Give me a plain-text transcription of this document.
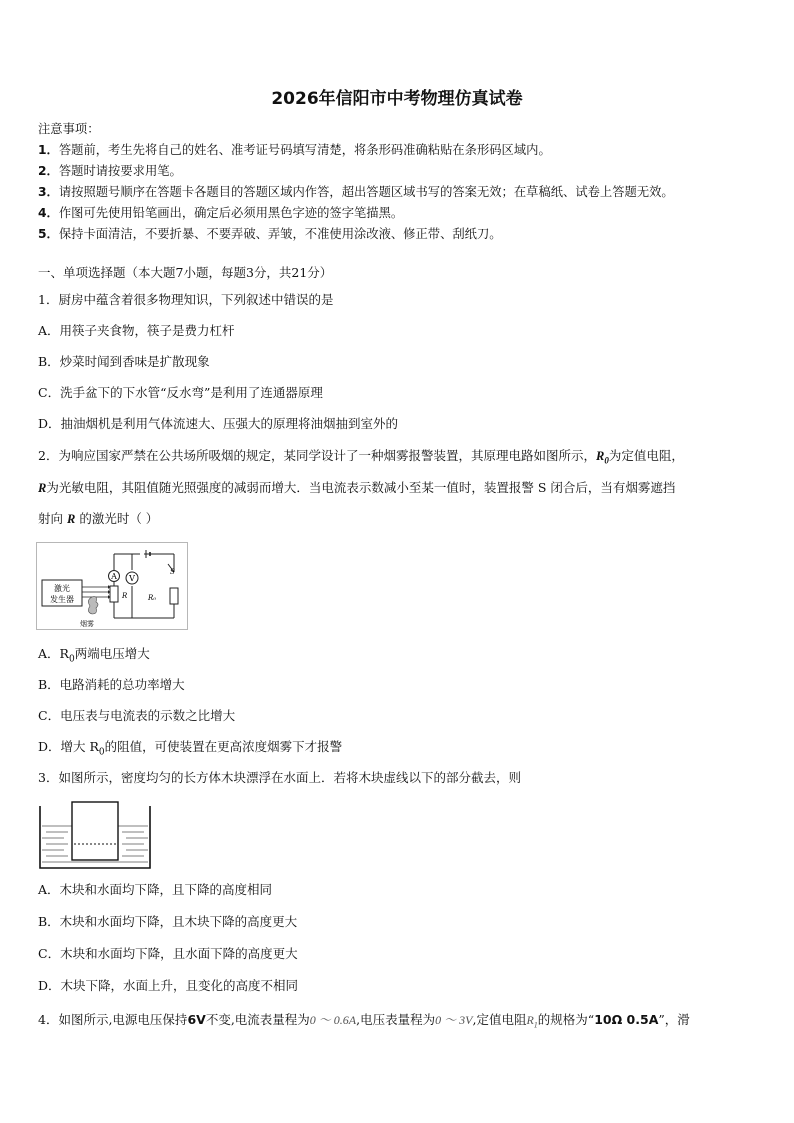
2026年信阳市中考物理仿真试卷
注意事项：
1．答题前，考生先将自己的姓名、准考证号码填写清楚，将条形码准确粘贴在条形码区域内。
2．答题时请按要求用笔。
3．请按照题号顺序在答题卡各题目的答题区域内作答，超出答题区域书写的答案无效；在草稿纸、试卷上答题无效。
4．作图可先使用铅笔画出，确定后必须用黑色字迹的签字笔描黑。
5．保持卡面清洁，不要折暴、不要弄破、弄皱，不准使用涂改液、修正带、刮纸刀。
一、单项选择题（本大题7小题，每题3分，共21分）
1．厨房中蕴含着很多物理知识，下列叙述中错误的是
A．用筷子夹食物，筷子是费力杠杆
B．炒菜时闻到香味是扩散现象
C．洗手盆下的下水管“反水弯”是利用了连通器原理
D．抽油烟机是利用气体流速大、压强大的原理将油烟抽到室外的
2．为响应国家严禁在公共场所吸烟的规定，某同学设计了一种烟雾报警装置，其原理电路如图所示，$R_0$为定值电阻，
R为光敏电阻，其阻值随光照强度的减弱而增大．当电流表示数减小至某一值时，装置报警 S 闭合后，当有烟雾遮挡
射向 R 的激光时（ ）
A V
R
S
R₀
激光
发生器
烟雾
A．$R_0$两端电压增大
B．电路消耗的总功率增大
C．电压表与电流表的示数之比增大
D．增大 $R_0$的阻值，可使装置在更高浓度烟雾下才报警
3．如图所示，密度均匀的长方体木块漂浮在水面上．若将木块虚线以下的部分截去，则
A．木块和水面均下降，且下降的高度相同
B．木块和水面均下降，且木块下降的高度更大
C．木块和水面均下降，且水面下降的高度更大
D．木块下降，水面上升，且变化的高度不相同
4．如图所示,电源电压保持6V不变,电流表量程为0 ～ 0.6A,电压表量程为0 ～ 3V,定值电阻$R_1$的规格为“10Ω 0.5A”，滑
